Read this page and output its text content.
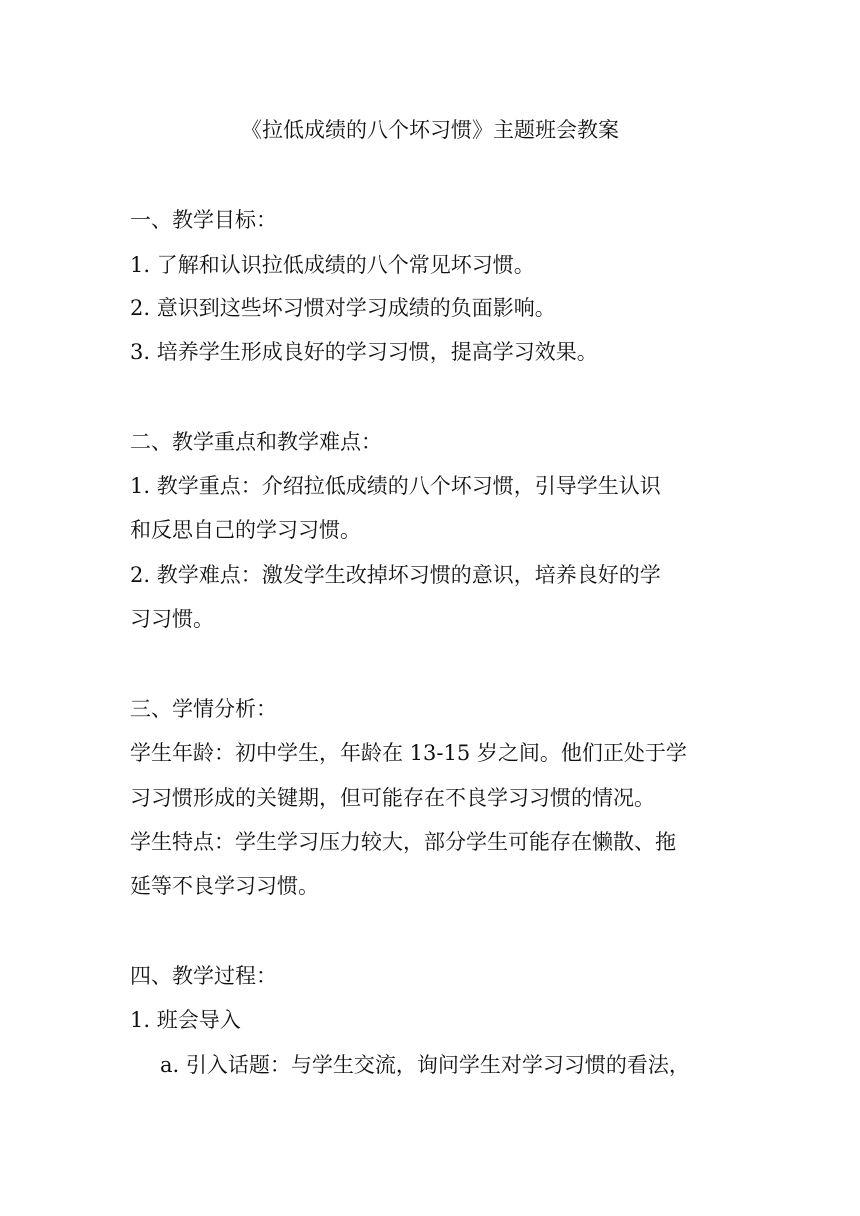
《拉低成绩的八个坏习惯》主题班会教案
一、教学目标：
1. 了解和认识拉低成绩的八个常见坏习惯。
2. 意识到这些坏习惯对学习成绩的负面影响。
3. 培养学生形成良好的学习习惯，提高学习效果。
二、教学重点和教学难点：
1. 教学重点：介绍拉低成绩的八个坏习惯，引导学生认识
和反思自己的学习习惯。
2. 教学难点：激发学生改掉坏习惯的意识，培养良好的学
习习惯。
三、学情分析：
学生年龄：初中学生，年龄在 13-15 岁之间。他们正处于学
习习惯形成的关键期，但可能存在不良学习习惯的情况。
学生特点：学生学习压力较大，部分学生可能存在懒散、拖
延等不良学习习惯。
四、教学过程：
1. 班会导入
a. 引入话题：与学生交流，询问学生对学习习惯的看法，
